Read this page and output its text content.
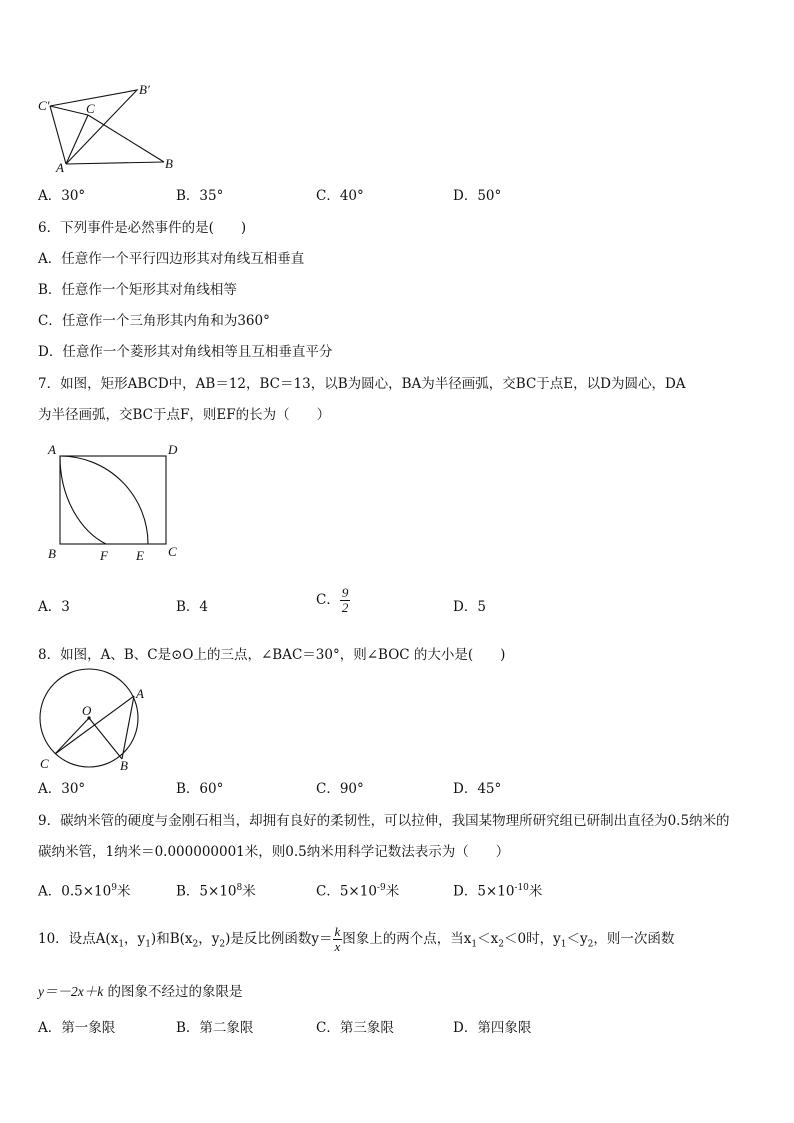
C′	C
B′
A	B
A．30°	B．35°	C．40°	D．50°
6．下列事件是必然事件的是(　　)
A．任意作一个平行四边形其对角线互相垂直
B．任意作一个矩形其对角线相等
C．任意作一个三角形其内角和为360°
D．任意作一个菱形其对角线相等且互相垂直平分
7．如图，矩形ABCD中，AB＝12，BC＝13，以B为圆心，BA为半径画弧，交BC于点E，以D为圆心，DA
为半径画弧，交BC于点F，则EF的长为（　　）
A	D
B	F E C
A．3	B．4	C． $\frac{9}{2}$	D．5
8．如图，A、B、C是⊙O上的三点，∠BAC＝30°，则∠BOC 的大小是(　　)
O
A
B
C
A．30°	B．60°	C．90°	D．45°
9．碳纳米管的硬度与金刚石相当，却拥有良好的柔韧性，可以拉伸，我国某物理所研究组已研制出直径为0.5纳米的
碳纳米管，1纳米＝0.000000001米，则0.5纳米用科学记数法表示为（　　）
A．$0.5\times 10^9$米	B．$5\times 10^8$米	C．$5\times 10^{-9}$米	D．$5\times 10^{-10}$米
10．设点$A(x_1$，$y_1$)和$B(x_2$，$y_2$)是反比例函数$y= \frac{k}{x}$ 图象上的两个点，当$x_1<x_2<0$时，$y_1<y_2$，则一次函数
y＝－2x＋k 的图象不经过的象限是
A．第一象限	B．第二象限	C．第三象限	D．第四象限
